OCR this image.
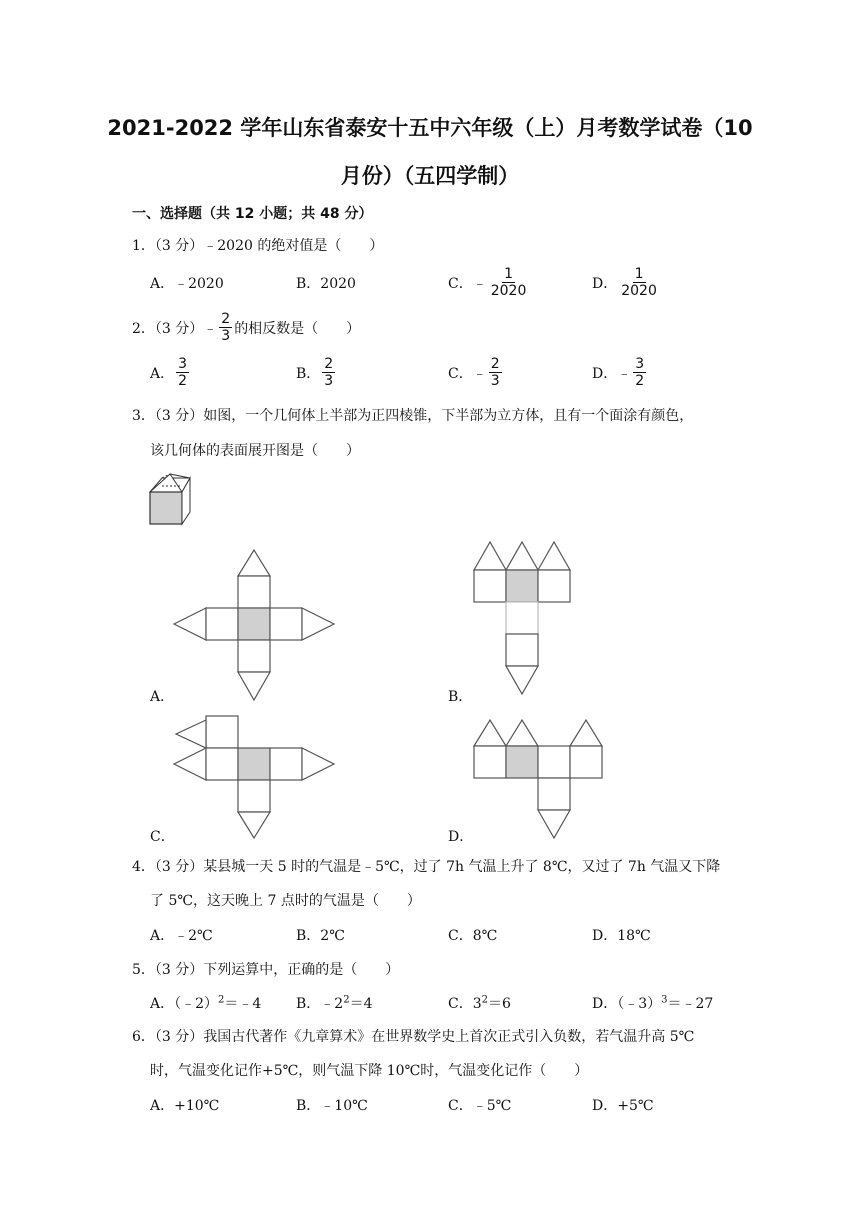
2021-2022 学年山东省泰安十五中六年级（上）月考数学试卷（10
月份）（五四学制）
一、选择题（共 12 小题；共 48 分）
1．（3 分）﹣2020 的绝对值是（　　）
A．﹣2020	B．2020	C．﹣ $\frac{1}{2020}$	D． $\frac{1}{2020}$
2．（3 分）﹣ $\frac{2}{3}$ 的相反数是（　　）
A． $\frac{3}{2}$	B． $\frac{2}{3}$	C．﹣ $\frac{2}{3}$	D．﹣ $\frac{3}{2}$
3．（3 分）如图，一个几何体上半部为正四棱锥，下半部为立方体，且有一个面涂有颜色，
该几何体的表面展开图是（　　）
A．	B．
C．	D．
4．（3 分）某县城一天 5 时的气温是﹣5℃，过了 7h 气温上升了 8℃，又过了 7h 气温又下降
了 5℃，这天晚上 7 点时的气温是（　　）
A．﹣2℃	B．2℃	C．8℃	D．18℃
5．（3 分）下列运算中，正确的是（　　）
A．（﹣2）$^2$＝﹣4 B．$﹣2^2=4$	C．$3^2=6$	D．（﹣3）$^3$＝﹣27
6．（3 分）我国古代著作《九章算术》在世界数学史上首次正式引入负数，若气温升高 5℃
时，气温变化记作+5℃，则气温下降 10℃时，气温变化记作（　　）
A．+10℃	B．﹣10℃	C．﹣5℃	D．+5℃
